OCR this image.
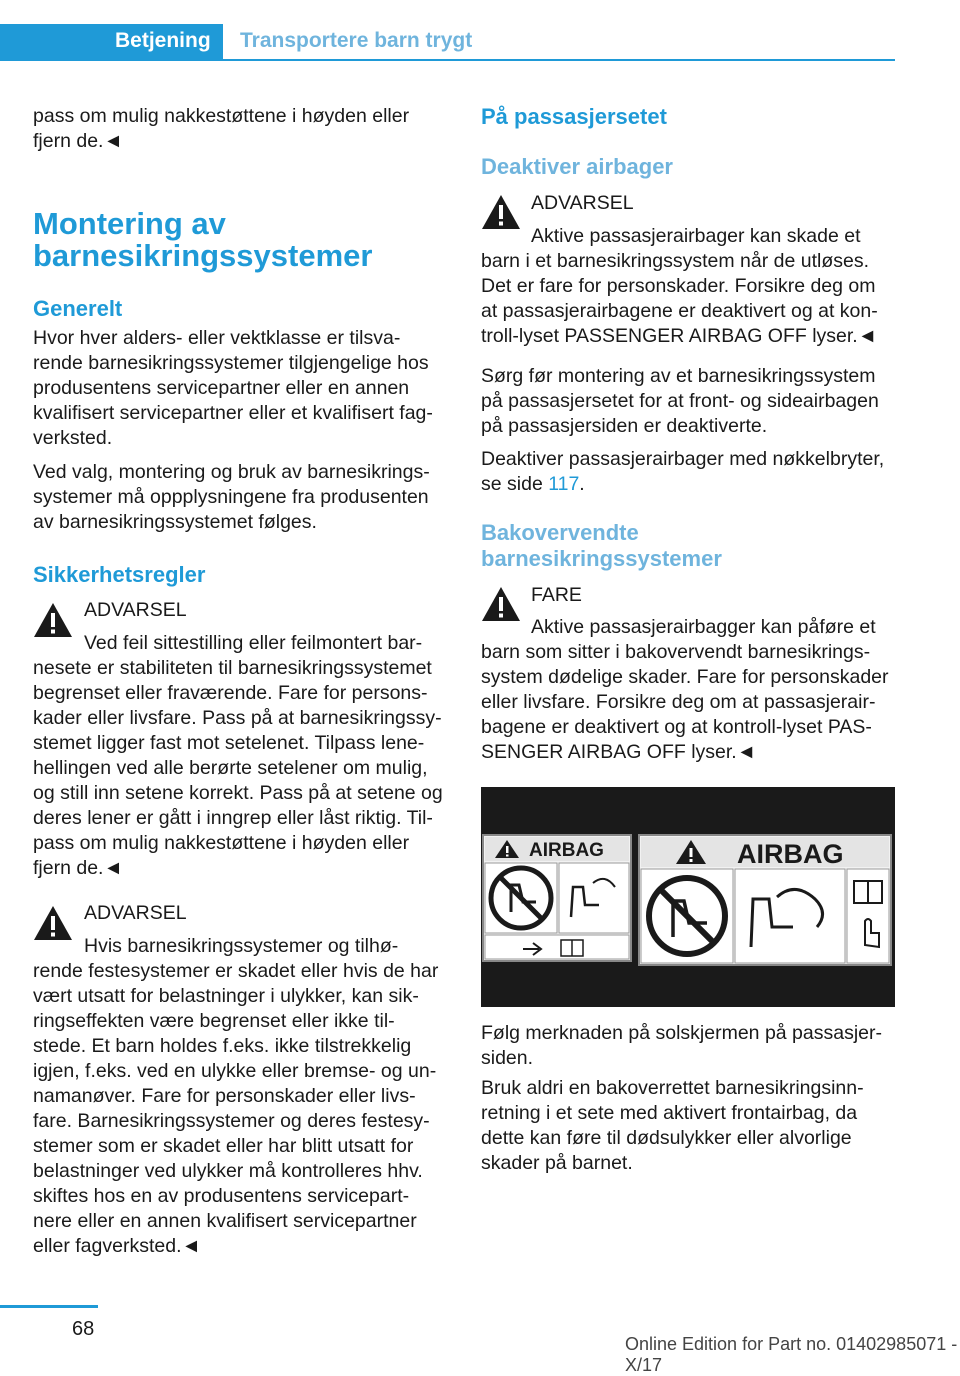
Betjening Transportere barn trygt
pass om mulig nakkestøttene i høyden eller
fjern de.◄
Montering av
barnesikringssystemer
Generelt
Hvor hver alders- eller vektklasse er tilsva-
rende barnesikringssystemer tilgjengelige hos
produsentens servicepartner eller en annen
kvalifisert servicepartner eller et kvalifisert fag-
verksted.
Ved valg, montering og bruk av barnesikrings-
systemer må oppplysningene fra produsenten
av barnesikringssystemet følges.
Sikkerhetsregler
ADVARSEL
Ved feil sittestilling eller feilmontert bar-
nesete er stabiliteten til barnesikringssystemet
begrenset eller fraværende. Fare for persons-
kader eller livsfare. Pass på at barnesikringssy-
stemet ligger fast mot setelenet. Tilpass lene-
hellingen ved alle berørte setelener om mulig,
og still inn setene korrekt. Pass på at setene og
deres lener er gått i inngrep eller låst riktig. Til-
pass om mulig nakkestøttene i høyden eller
fjern de.◄
ADVARSEL
Hvis barnesikringssystemer og tilhø-
rende festesystemer er skadet eller hvis de har
vært utsatt for belastninger i ulykker, kan sik-
ringseffekten være begrenset eller ikke til-
stede. Et barn holdes f.eks. ikke tilstrekkelig
igjen, f.eks. ved en ulykke eller bremse- og un-
namanøver. Fare for personskader eller livs-
fare. Barnesikringssystemer og deres festesy-
stemer som er skadet eller har blitt utsatt for
belastninger ved ulykker må kontrolleres hhv.
skiftes hos en av produsentens servicepart-
nere eller en annen kvalifisert servicepartner
eller fagverksted.◄
På passasjersetet
Deaktiver airbager
ADVARSEL
Aktive passasjerairbager kan skade et
barn i et barnesikringssystem når de utløses.
Det er fare for personskader. Forsikre deg om
at passasjerairbagene er deaktivert og at kon-
troll-lyset PASSENGER AIRBAG OFF lyser.◄
Sørg før montering av et barnesikringssystem
på passasjersetet for at front- og sideairbagen
på passasjersiden er deaktiverte.
Deaktiver passasjerairbager med nøkkelbryter,
se side 117.
Bakovervendte
barnesikringssystemer
FARE
Aktive passasjerairbagger kan påføre et
barn som sitter i bakovervendt barnesikrings-
system dødelige skader. Fare for personskader
eller livsfare. Forsikre deg om at passasjerair-
bagene er deaktivert og at kontroll-lyset PAS-
SENGER AIRBAG OFF lyser.◄
AIRBAG	AIRBAG
Følg merknaden på solskjermen på passasjer-
siden.
Bruk aldri en bakoverrettet barnesikringsinn-
retning i et sete med aktivert frontairbag, da
dette kan føre til dødsulykker eller alvorlige
skader på barnet.
68
Online Edition for Part no. 01402985071 - X/17
